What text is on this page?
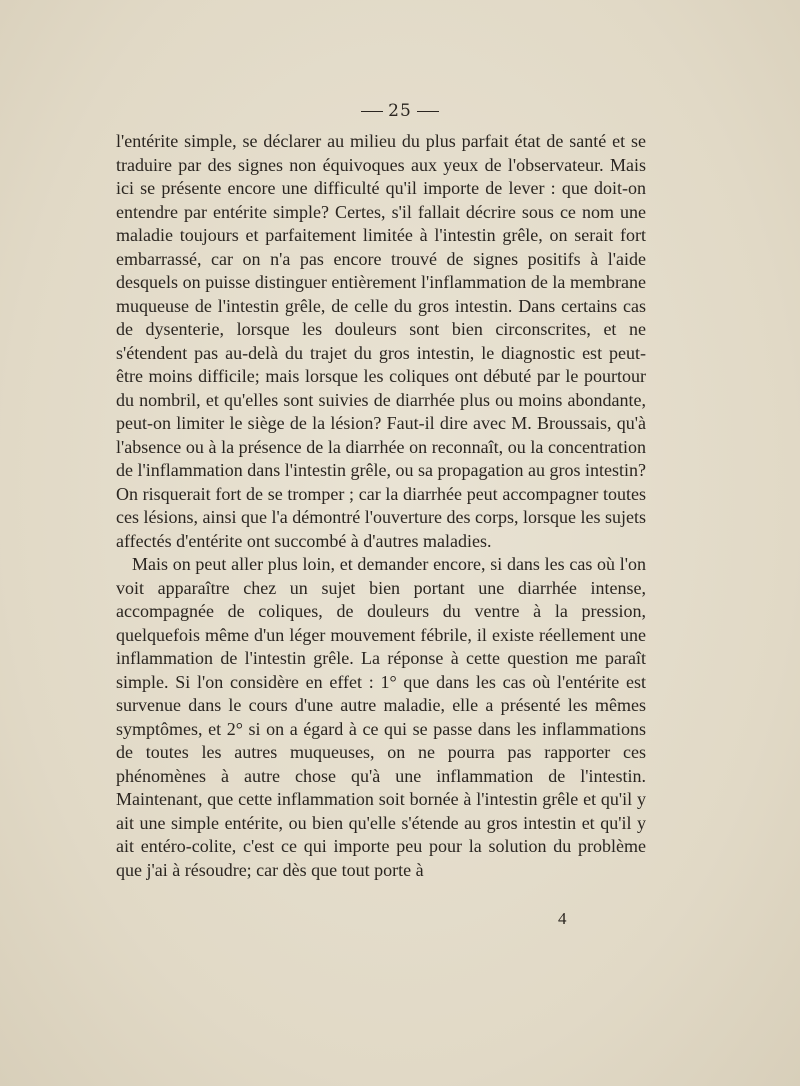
25

l'entérite simple, se déclarer au milieu du plus parfait état de santé et se traduire par des signes non équivoques aux yeux de l'observateur. Mais ici se présente encore une difficulté qu'il importe de lever : que doit-on entendre par entérite simple? Certes, s'il fallait décrire sous ce nom une maladie toujours et parfaitement limitée à l'intestin grêle, on serait fort embarrassé, car on n'a pas encore trouvé de signes positifs à l'aide desquels on puisse distinguer entièrement l'inflammation de la membrane muqueuse de l'intestin grêle, de celle du gros intestin. Dans certains cas de dysenterie, lorsque les douleurs sont bien circonscrites, et ne s'étendent pas au-delà du trajet du gros intestin, le diagnostic est peut-être moins difficile; mais lorsque les coliques ont débuté par le pourtour du nombril, et qu'elles sont suivies de diarrhée plus ou moins abondante, peut-on limiter le siège de la lésion? Faut-il dire avec M. Broussais, qu'à l'absence ou à la présence de la diarrhée on reconnaît, ou la concentration de l'inflammation dans l'intestin grêle, ou sa propagation au gros intestin? On risquerait fort de se tromper ; car la diarrhée peut accompagner toutes ces lésions, ainsi que l'a démontré l'ouverture des corps, lorsque les sujets affectés d'entérite ont succombé à d'autres maladies.

Mais on peut aller plus loin, et demander encore, si dans les cas où l'on voit apparaître chez un sujet bien portant une diarrhée intense, accompagnée de coliques, de douleurs du ventre à la pression, quelquefois même d'un léger mouvement fébrile, il existe réellement une inflammation de l'intestin grêle. La réponse à cette question me paraît simple. Si l'on considère en effet : 1° que dans les cas où l'entérite est survenue dans le cours d'une autre maladie, elle a présenté les mêmes symptômes, et 2° si on a égard à ce qui se passe dans les inflammations de toutes les autres muqueuses, on ne pourra pas rapporter ces phénomènes à autre chose qu'à une inflammation de l'intestin. Maintenant, que cette inflammation soit bornée à l'intestin grêle et qu'il y ait une simple entérite, ou bien qu'elle s'étende au gros intestin et qu'il y ait entéro-colite, c'est ce qui importe peu pour la solution du problème que j'ai à résoudre; car dès que tout porte à

4
